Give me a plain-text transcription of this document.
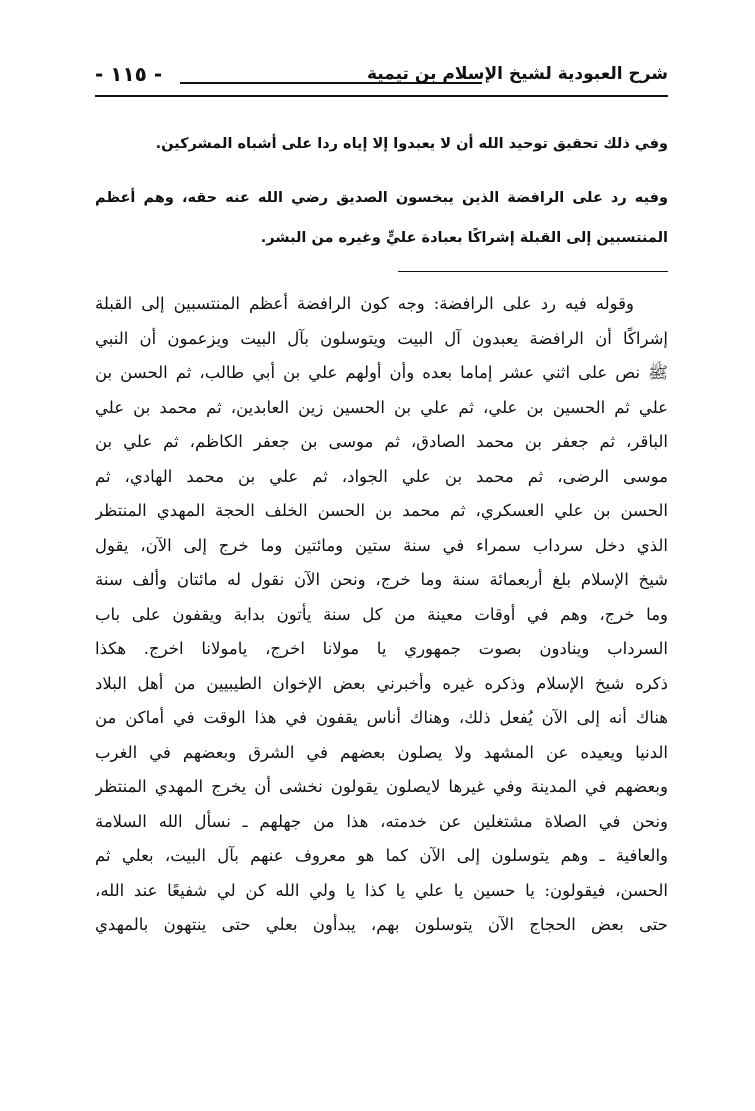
شرح العبودية لشيخ الإسلام بن تيمية
- ١١٥ -

وفي ذلك تحقيق توحيد الله أن لا يعبدوا إلا إياه ردا على أشباه المشركين.

وفيه رد على الرافضة الذين يبخسون الصديق رضي الله عنه حقه، وهم أعظم المنتسبين إلى القبلة إشراكًا بعبادة عليٍّ وغيره من البشر.

وقوله فيه رد على الرافضة: وجه كون الرافضة أعظم المنتسبين إلى القبلة
إشراكًا أن الرافضة يعبدون آل البيت ويتوسلون بآل البيت ويزعمون أن النبي
ﷺ نص على اثني عشر إماما بعده وأن أولهم علي بن أبي طالب، ثم الحسن بن
علي ثم الحسين بن علي، ثم علي بن الحسين زين العابدين، ثم محمد بن علي
الباقر، ثم جعفر بن محمد الصادق، ثم موسى بن جعفر الكاظم، ثم علي بن
موسى الرضى، ثم محمد بن علي الجواد، ثم علي بن محمد الهادي، ثم
الحسن بن علي العسكري، ثم محمد بن الحسن الخلف الحجة المهدي المنتظر
الذي دخل سرداب سمراء في سنة ستين ومائتين وما خرج إلى الآن، يقول
شيخ الإسلام بلغ أربعمائة سنة وما خرج، ونحن الآن نقول له مائتان وألف سنة
وما خرج، وهم في أوقات معينة من كل سنة يأتون بدابة ويقفون على باب
السرداب وينادون بصوت جمهوري يا مولانا اخرج، يامولانا اخرج. هكذا
ذكره شيخ الإسلام وذكره غيره وأخبرني بعض الإخوان الطيبيين من أهل البلاد
هناك أنه إلى الآن يُفعل ذلك، وهناك أناس يقفون في هذا الوقت في أماكن من
الدنيا ويعيده عن المشهد ولا يصلون بعضهم في الشرق وبعضهم في الغرب
وبعضهم في المدينة وفي غيرها لايصلون يقولون نخشى أن يخرج المهدي المنتظر
ونحن في الصلاة مشتغلين عن خدمته، هذا من جهلهم ـ نسأل الله السلامة
والعافية ـ وهم يتوسلون إلى الآن كما هو معروف عنهم بآل البيت، بعلي ثم
الحسن، فيقولون: يا حسين يا علي يا كذا يا ولي الله كن لي شفيعًا عند الله،
حتى بعض الحجاج الآن يتوسلون بهم، يبدأون بعلي حتى ينتهون بالمهدي
